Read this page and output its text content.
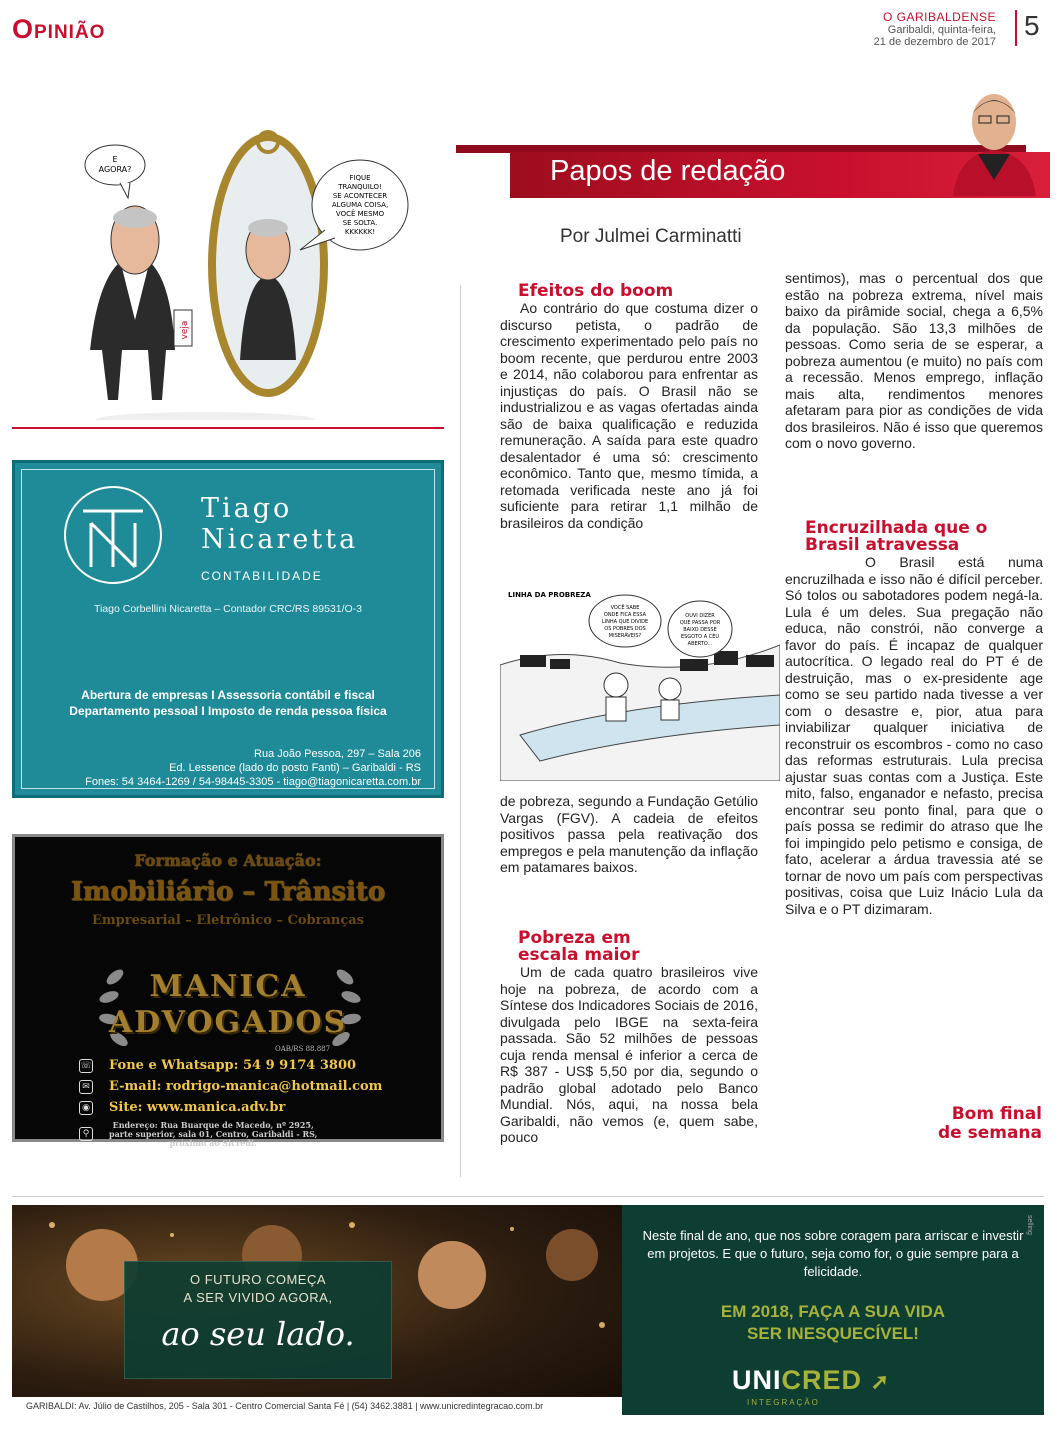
Opinião	O GARIBALDENSE
Garibaldi, quinta-feira,
21 de dezembro de 2017
5
E
AGORA?
veja
FIQUE
TRANQUILO!
SE ACONTECER
ALGUMA COISA,
VOCÊ MESMO
SE SOLTA.
KKKKKK!
Papos de redação
Por Julmei Carminatti
Tiago
Nicaretta
CONTABILIDADE
Tiago Corbellini Nicaretta – Contador CRC/RS 89531/O-3
Abertura de empresas I Assessoria contábil e fiscal
Departamento pessoal I Imposto de renda pessoa física
Rua João Pessoa, 297 – Sala 206
Ed. Lessence (lado do posto Fanti) – Garibaldi - RS
Fones: 54 3464-1269 / 54-98445-3305 - tiago@tiagonicaretta.com.br
Formação e Atuação:
Imobiliário – Trânsito
Empresarial – Eletrônico – Cobranças
MANICA
ADVOGADOS
OAB/RS 88.887
☏ Fone e Whatsapp: 54 9 9174 3800
✉ E-mail: rodrigo-manica@hotmail.com
◉ Site: www.manica.adv.br
⚲
Endereço: Rua Buarque de Macedo, nº 2925,
parte superior, sala 01, Centro, Garibaldi - RS,
próximo ao Sicredi.
Efeitos do boom

Ao contrário do que costuma dizer o discurso petista, o padrão de crescimento experimentado pelo país no boom recente, que perdurou entre 2003 e 2014, não colaborou para enfrentar as injustiças do país. O Brasil não se industrializou e as vagas ofertadas ainda são de baixa qualificação e reduzida remuneração. A saída para este quadro desalentador é uma só: crescimento econômico. Tanto que, mesmo tímida, a retomada verificada neste ano já foi suficiente para retirar 1,1 milhão de brasileiros da condição

LINHA DA PROBREZA
VOCÊ SABE
ONDE FICA ESSA
LINHA QUE DIVIDE
OS POBRES DOS
MISERÁVEIS?
OUVI DIZER
QUE PASSA POR
BAIXO DESSE
ESGOTO A CÉU
ABERTO...

de pobreza, segundo a Fundação Getúlio Vargas (FGV). A cadeia de efeitos positivos passa pela reativação dos empregos e pela manutenção da inflação em patamares baixos.

Pobreza em escala maior

Um de cada quatro brasileiros vive hoje na pobreza, de acordo com a Síntese dos Indicadores Sociais de 2016, divulgada pelo IBGE na sexta-feira passada. São 52 milhões de pessoas cuja renda mensal é inferior a cerca de R$ 387 - US$ 5,50 por dia, segundo o padrão global adotado pelo Banco Mundial. Nós, aqui, na nossa bela Garibaldi, não vemos (e, quem sabe, pouco

sentimos), mas o percentual dos que estão na pobreza extrema, nível mais baixo da pirâmide social, chega a 6,5% da população. São 13,3 milhões de pessoas. Como seria de se esperar, a pobreza aumentou (e muito) no país com a recessão. Menos emprego, inflação mais alta, rendimentos menores afetaram para pior as condições de vida dos brasileiros. Não é isso que queremos com o novo governo.

Encruzilhada que o Brasil atravessa

O Brasil está numa encruzilhada e isso não é difícil perceber. Só tolos ou sabotadores podem negá-la. Lula é um deles. Sua pregação não educa, não constrói, não converge a favor do país. É incapaz de qualquer autocrítica. O legado real do PT é de destruição, mas o ex-presidente age como se seu partido nada tivesse a ver com o desastre e, pior, atua para inviabilizar qualquer iniciativa de reconstruir os escombros - como no caso das reformas estruturais. Lula precisa ajustar suas contas com a Justiça. Este mito, falso, enganador e nefasto, precisa encontrar seu ponto final, para que o país possa se redimir do atraso que lhe foi impingido pelo petismo e consiga, de fato, acelerar a árdua travessia até se tornar de novo um país com perspectivas positivas, coisa que Luiz Inácio Lula da Silva e o PT dizimaram.

Bom final
de semana
O FUTURO COMEÇA
A SER VIVIDO AGORA,
ao seu lado.
Neste final de ano, que nos sobre coragem para arriscar e investir em projetos. E que o futuro, seja como for, o guie sempre para a felicidade.
EM 2018, FAÇA A SUA VIDA
SER INESQUECÍVEL!
UNICRED ➚
INTEGRAÇÃO
selling
GARIBALDI: Av. Júlio de Castilhos, 205 - Sala 301 - Centro Comercial Santa Fé | (54) 3462.3881 | www.unicredintegracao.com.br
